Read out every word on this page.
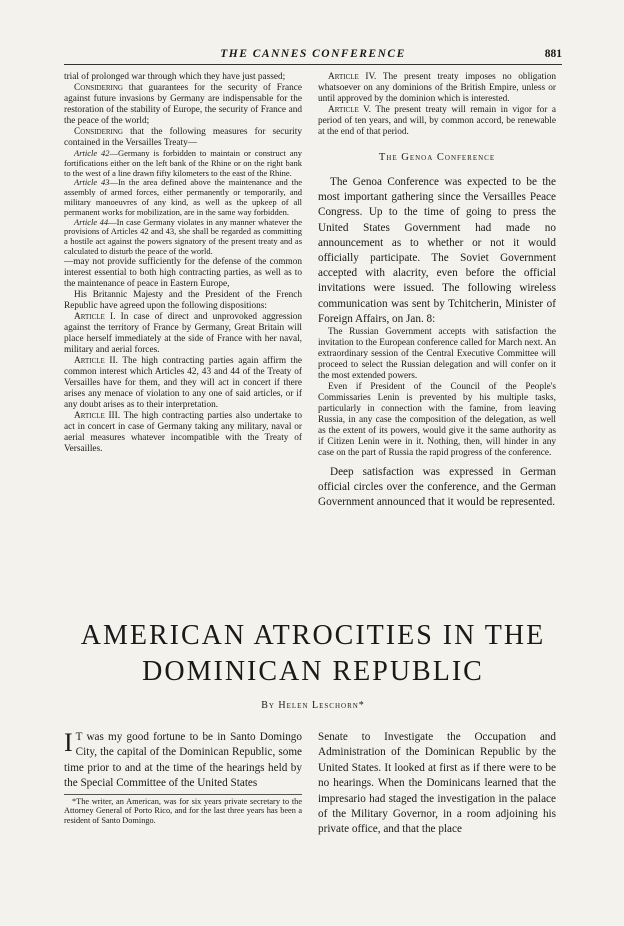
THE CANNES CONFERENCE	881

trial of prolonged war through which they have just passed;

Considering that guarantees for the security of France against future invasions by Germany are indispensable for the restoration of the stability of Europe, the security of France and the peace of the world;

Considering that the following measures for security contained in the Versailles Treaty—

Article 42—Germany is forbidden to maintain or construct any fortifications either on the left bank of the Rhine or on the right bank to the west of a line drawn fifty kilometers to the east of the Rhine.

Article 43—In the area defined above the maintenance and the assembly of armed forces, either permanently or temporarily, and military manoeuvres of any kind, as well as the upkeep of all permanent works for mobilization, are in the same way forbidden.

Article 44—In case Germany violates in any manner whatever the provisions of Articles 42 and 43, she shall be regarded as committing a hostile act against the powers signatory of the present treaty and as calculated to disturb the peace of the world.

—may not provide sufficiently for the defense of the common interest essential to both high contracting parties, as well as to the maintenance of peace in Eastern Europe,

His Britannic Majesty and the President of the French Republic have agreed upon the following dispositions:

Article I. In case of direct and unprovoked aggression against the territory of France by Germany, Great Britain will place herself immediately at the side of France with her naval, military and aerial forces.

Article II. The high contracting parties again affirm the common interest which Articles 42, 43 and 44 of the Treaty of Versailles have for them, and they will act in concert if there arises any menace of violation to any one of said articles, or if any doubt arises as to their interpretation.

Article III. The high contracting parties also undertake to act in concert in case of Germany taking any military, naval or aerial measures whatever incompatible with the Treaty of Versailles.

Article IV. The present treaty imposes no obligation whatsoever on any dominions of the British Empire, unless or until approved by the dominion which is interested.

Article V. The present treaty will remain in vigor for a period of ten years, and will, by common accord, be renewable at the end of that period.

The Genoa Conference

The Genoa Conference was expected to be the most important gathering since the Versailles Peace Congress. Up to the time of going to press the United States Government had made no announcement as to whether or not it would officially participate. The Soviet Government accepted with alacrity, even before the official invitations were issued. The following wireless communication was sent by Tchitcherin, Minister of Foreign Affairs, on Jan. 8:

The Russian Government accepts with satisfaction the invitation to the European conference called for March next. An extraordinary session of the Central Executive Committee will proceed to select the Russian delegation and will confer on it the most extended powers.

Even if President of the Council of the People's Commissaries Lenin is prevented by his multiple tasks, particularly in connection with the famine, from leaving Russia, in any case the composition of the delegation, as well as the extent of its powers, would give it the same authority as if Citizen Lenin were in it. Nothing, then, will hinder in any case on the part of Russia the rapid progress of the conference.

Deep satisfaction was expressed in German official circles over the conference, and the German Government announced that it would be represented.

AMERICAN ATROCITIES IN THE
DOMINICAN REPUBLIC
By Helen Leschorn*

I T was my good fortune to be in Santo Domingo City, the capital of the Dominican Republic, some time prior to and at the time of the hearings held by the Special Committee of the United States

*The writer, an American, was for six years private secretary to the Attorney General of Porto Rico, and for the last three years has been a resident of Santo Domingo.

Senate to Investigate the Occupation and Administration of the Dominican Republic by the United States. It looked at first as if there were to be no hearings. When the Dominicans learned that the impresario had staged the investigation in the palace of the Military Governor, in a room adjoining his private office, and that the place
